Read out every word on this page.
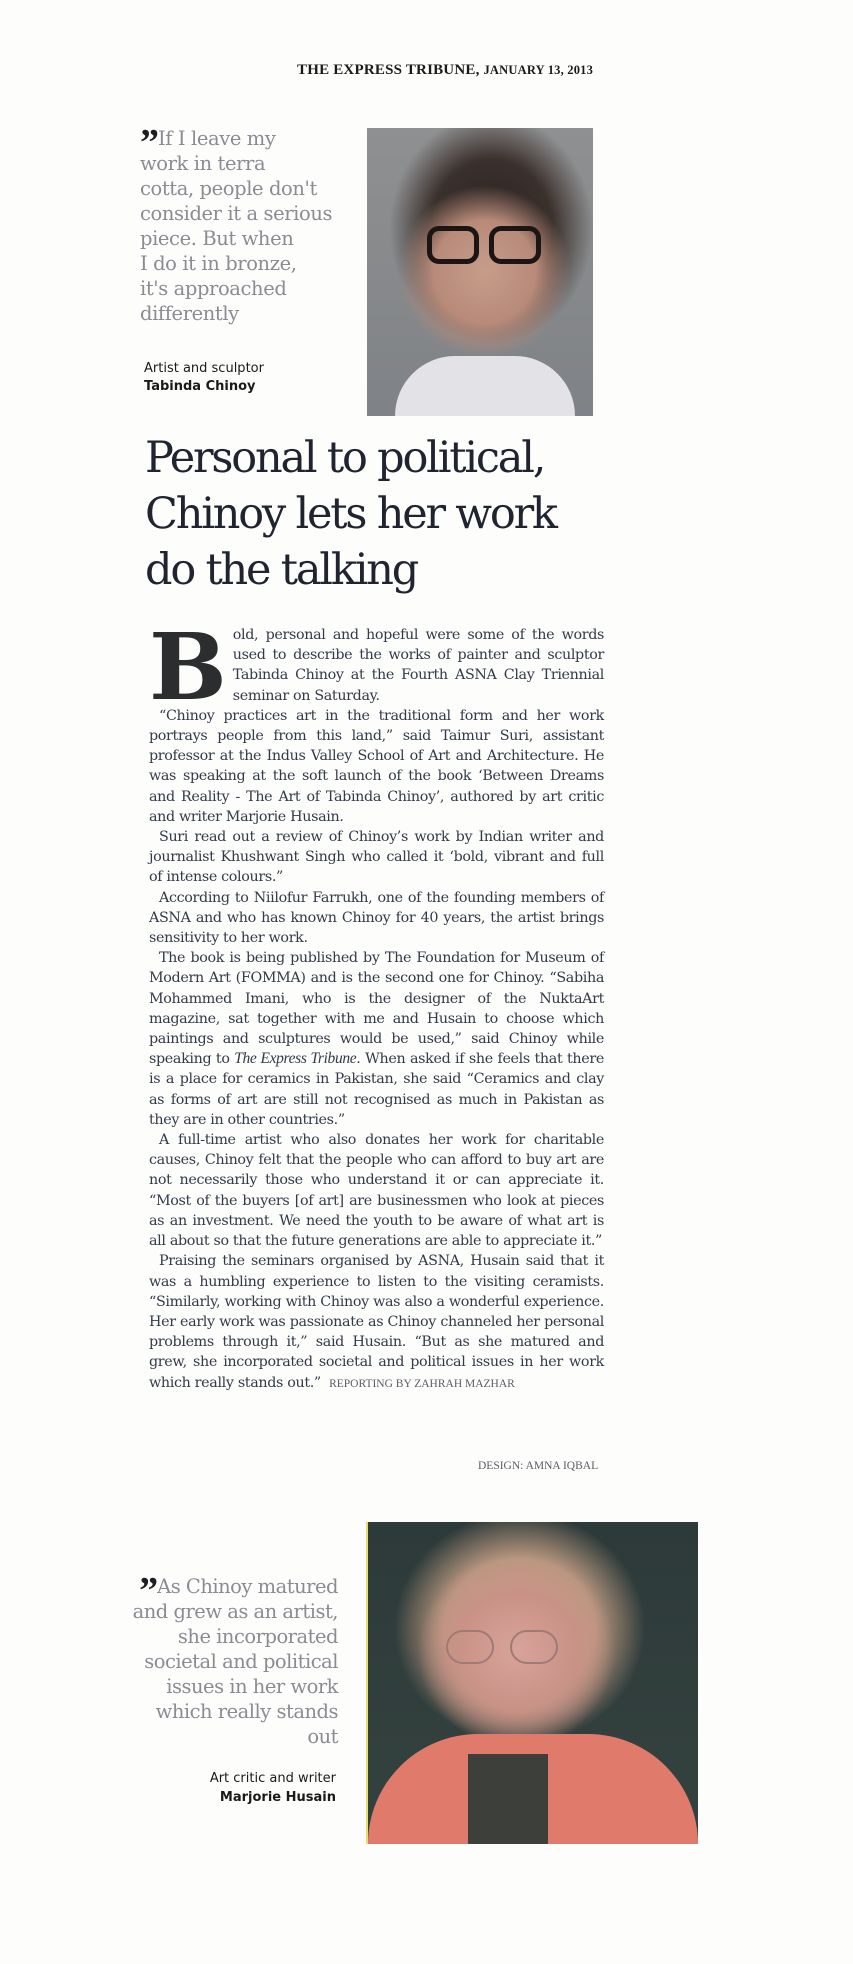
THE EXPRESS TRIBUNE, JANUARY 13, 2013
” If I leave my
work in terra
cotta, people don't
consider it a serious
piece. But when
I do it in bronze,
it's approached
differently
Artist and sculptor
Tabinda Chinoy
Personal to political,
Chinoy lets her work
do the talking

Bold, personal and hopeful were some of the words used to describe the works of painter and sculptor Tabinda Chinoy at the Fourth ASNA Clay Triennial seminar on Saturday.

“Chinoy practices art in the traditional form and her work portrays people from this land,” said Taimur Suri, assistant professor at the Indus Valley School of Art and Architecture. He was speaking at the soft launch of the book ‘Between Dreams and Reality - The Art of Tabinda Chinoy’, authored by art critic and writer Marjorie Husain.

Suri read out a review of Chinoy’s work by Indian writer and journalist Khushwant Singh who called it ‘bold, vibrant and full of intense colours.”

According to Niilofur Farrukh, one of the founding members of ASNA and who has known Chinoy for 40 years, the artist brings sensitivity to her work.

The book is being published by The Foundation for Museum of Modern Art (FOMMA) and is the second one for Chinoy. “Sabiha Mohammed Imani, who is the designer of the NuktaArt magazine, sat together with me and Husain to choose which paintings and sculptures would be used,” said Chinoy while speaking to The Express Tribune. When asked if she feels that there is a place for ceramics in Pakistan, she said “Ceramics and clay as forms of art are still not recognised as much in Pakistan as they are in other countries.”

A full-time artist who also donates her work for charitable causes, Chinoy felt that the people who can afford to buy art are not necessarily those who understand it or can appreciate it. “Most of the buyers [of art] are businessmen who look at pieces as an investment. We need the youth to be aware of what art is all about so that the future generations are able to appreciate it.”

Praising the seminars organised by ASNA, Husain said that it was a humbling experience to listen to the visiting ceramists. “Similarly, working with Chinoy was also a wonderful experience. Her early work was passionate as Chinoy channeled her personal problems through it,” said Husain. “But as she matured and grew, she incorporated societal and political issues in her work which really stands out.” REPORTING BY ZAHRAH MAZHAR

DESIGN: AMNA IQBAL
” As Chinoy matured
and grew as an artist,
she incorporated
societal and political
issues in her work
which really stands
out
Art critic and writer
Marjorie Husain
